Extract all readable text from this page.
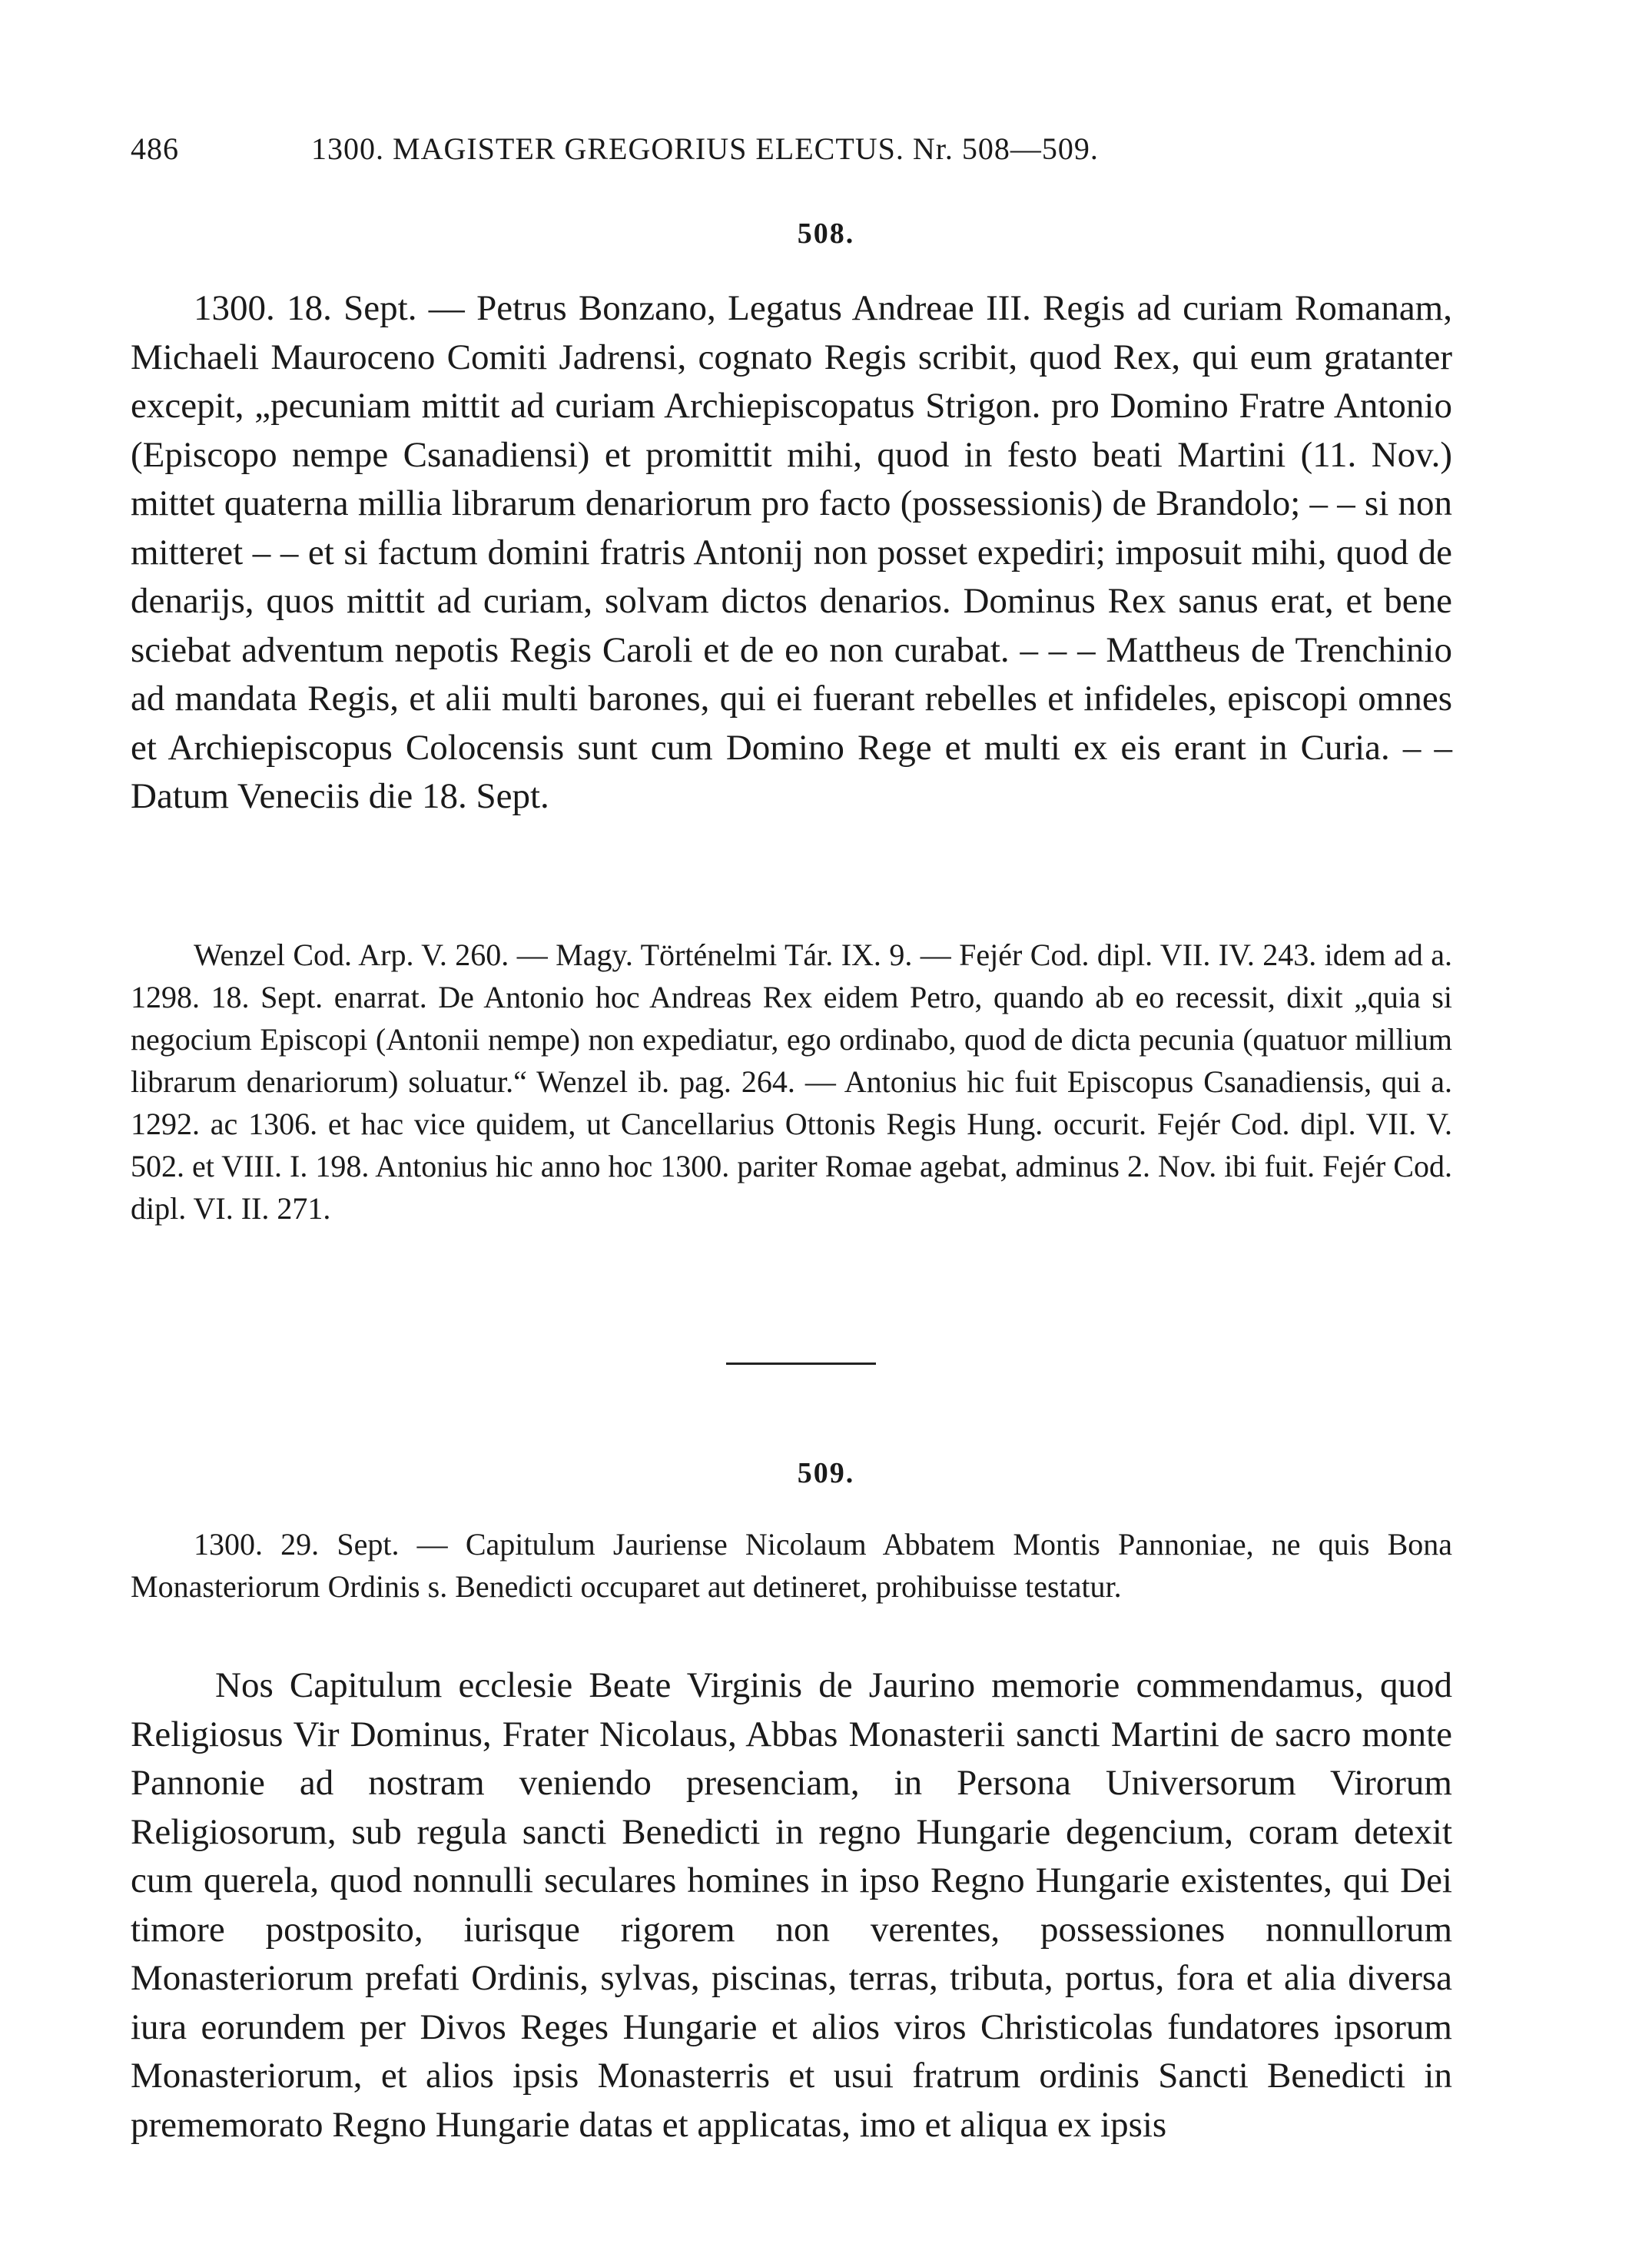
486	1300. MAGISTER GREGORIUS ELECTUS. Nr. 508—509.
508.

1300. 18. Sept. — Petrus Bonzano, Legatus Andreae III. Regis ad curiam Romanam, Michaeli Mauroceno Comiti Jadrensi, cognato Regis scribit, quod Rex, qui eum gratanter excepit, „pecuniam mittit ad curiam Archiepiscopatus Strigon. pro Domino Fratre Antonio (Episcopo nempe Csanadiensi) et promittit mihi, quod in festo beati Martini (11. Nov.) mittet quaterna millia librarum denariorum pro facto (possessionis) de Brandolo; – – si non mitteret – – et si factum domini fratris Antonij non posset expediri; imposuit mihi, quod de denarijs, quos mittit ad curiam, solvam dictos denarios. Dominus Rex sanus erat, et bene sciebat adventum nepotis Regis Caroli et de eo non curabat. – – – Mattheus de Trenchinio ad mandata Regis, et alii multi barones, qui ei fuerant rebelles et infideles, episcopi omnes et Archiepiscopus Colocensis sunt cum Domino Rege et multi ex eis erant in Curia. – – Datum Veneciis die 18. Sept.

Wenzel Cod. Arp. V. 260. — Magy. Történelmi Tár. IX. 9. — Fejér Cod. dipl. VII. IV. 243. idem ad a. 1298. 18. Sept. enarrat. De Antonio hoc Andreas Rex eidem Petro, quando ab eo recessit, dixit „quia si negocium Episcopi (Antonii nempe) non expediatur, ego ordinabo, quod de dicta pecunia (quatuor millium librarum denariorum) soluatur.“ Wenzel ib. pag. 264. — Antonius hic fuit Episcopus Csanadiensis, qui a. 1292. ac 1306. et hac vice quidem, ut Cancellarius Ottonis Regis Hung. occurit. Fejér Cod. dipl. VII. V. 502. et VIII. I. 198. Antonius hic anno hoc 1300. pariter Romae agebat, adminus 2. Nov. ibi fuit. Fejér Cod. dipl. VI. II. 271.

509.

1300. 29. Sept. — Capitulum Jauriense Nicolaum Abbatem Montis Pannoniae, ne quis Bona Monasteriorum Ordinis s. Benedicti occuparet aut detineret, prohibuisse testatur.

Nos Capitulum ecclesie Beate Virginis de Jaurino memorie commendamus, quod Religiosus Vir Dominus, Frater Nicolaus, Abbas Monasterii sancti Martini de sacro monte Pannonie ad nostram veniendo presenciam, in Persona Universorum Virorum Religiosorum, sub regula sancti Benedicti in regno Hungarie degencium, coram detexit cum querela, quod nonnulli seculares homines in ipso Regno Hungarie existentes, qui Dei timore postposito, iurisque rigorem non verentes, possessiones nonnullorum Monasteriorum prefati Ordinis, sylvas, piscinas, terras, tributa, portus, fora et alia diversa iura eorundem per Divos Reges Hungarie et alios viros Christicolas fundatores ipsorum Monasteriorum, et alios ipsis Monasterris et usui fratrum ordinis Sancti Benedicti in prememorato Regno Hungarie datas et applicatas, imo et aliqua ex ipsis
